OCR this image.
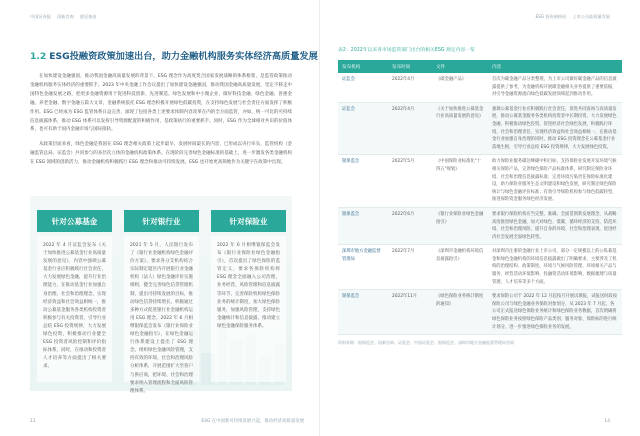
中国证券报 国新咨询 重见基金
1.2 ESG投融资政策加速出台，助力金融机构服务实体经济高质量发展

在加快建设金融强国，推动我国金融高质量发展的背景下，ESG 理念作为高度契合国家发展战略的体系框架，是监管政策推动金融机构服务实体经济的重要抓手。2023 年中央金融工作会议提出了加快建设金融强国，推动我国金融高质量发展，坚定不移走中国特色金融发展之路，把更多金融资源用于促进科技创新、先进制造、绿色发展和中小微企业，做好科技金融、绿色金融、普惠金融、养老金融、数字金融五篇大文章，金融系统依托 ESG 理念积极开展绿色低碳投资，在支持绿色发展与社会责任方面发挥了积极作用。ESG 已经成为 ESG 监管体系日益完善，涌现了包括各类上述要求体制内容改革在内的全方面监管，亦如，统一可比的可持续信息披露体系，推动 ESG 体系可以发挥引导资源配置的积极作用，是政策执行的重要抓手。同时，ESG 作为全球相对共识的价值体系，也可有助于国内金融市场与国际接轨。

从政策层面来看，绿色金融是我国在 ESG 理念相关政策上起步最早、发展时间最长的内容，已形成以央行牵头，监管机构（金融监管总局、证监会）共同参与的多层次立体的金融机构政策体系。在现阶段完善绿色金融标准的基础上，进一步激发各类金融机构在 ESG 领域的创新活力，推动金融机构积极践行 ESG 理念和推动可持续发展。ESG 也开始更高频地作为关键字在政策中出现。

针对公募基金
2022 年 4 月证监会发布《关于加快推进公募基金行业高质量发展的意见》，内容中强调公募基金行业应积极践行社会责任，大力发展绿色金融，提升行业治理能力，在推动基金行业加强自身治理、社会和治理理念，实现经济效益和社会效益相统一，推动公募基金服务各类机构投资者积极参与有关投资者，引导行业总结 ESG 投资规律，大力发展绿色投资，积极推动行业健全 ESG 投资者风险控制和评价指标体系，同时，在推动和投资者人才培养等方面提出了相关要求。
针对银行业
2021 年 5 月，人民银行发布了《银行业金融机构绿色金融评价方案》，要求各分支机构结合实际制定辖区内开展银行业金融机构（法人）绿色金融评价实施细则，健全完善绿色信贷管理机制，提出可持续发展的目标，推动绿色信贷持续增长，积极通过多种方式促进银行业金融机构运用 ESG 理念。2022 年 6 月相继银保监会发布《银行业保险业绿色金融指引》，在绿色金融运行体系建设上提出了 ESG 理念，组织绿色金融风险管理，支持有效的环境、社会和治理风险分析体系，开展范围扩大至客户与供应商，把环境、社会和治理要求纳入管理流程和全面风险管理体系。
针对保险业
2022 年 6 月相继银保监会发布《银行业保险业绿色金融指引》，首次提出了绿色保险的监管定义，要求各保险机构将 ESG 理念全面融入公司治理、业务经营、风险管理和信息披露等环节，完善保险机构绿色保险业务的统计制度，加大绿色保险服务，加强风险管理，支持绿色金融统计和信息披露，推动建立绿色金融保险服务体系。
13	ESG 在中国新可持续发展兴起，推动经济高质量发展
ESG 投资新格局 上市公司高质量发展
表2：2022年以来各市场监管部门出台的相关ESG 规定内容一览
发布机构	发布时间	文件	内容
证监会	2022年4月	《碳金融产品》	首次为碳金融产品分类整理，为上市公司做好碳金融产品的信息披露提供了参考，为金融机构开展碳金融相关业务提供了重要依据，对引导金融资源流向绿色低碳发展领域起到推动作用。
证监会	2022年4月	《关于加快推进公募基金行业高质量发展的意见》	强调公募基金行业应积极践行社会责任，促进共同富裕与高质量发展，推动公募基金服务各类机构投资者中长期投资，大力发展绿色金融，积极推动绿色投资，促进经济社会绿色发展，积极践行环境、社会和治理责任，实现经济效益和社会效益相统一，在推动基金行业加强自身治理的同时，推动 ESG 投资理念在公募基金行业落地生根，引导行业总结 ESG 投资规律，大力发展绿色投资。
银保监会	2022年5月	《中国保险业标准化"十四五"规划》	助力保险业服务碳达峰碳中和目标，支持保险业发展开发环境气候相关保险产品，完善绿色保险产品标准体系，研究制定保险业环境、社会和治理信息披露标准；完善环境污染责任保险标准化建设，助力保险业服务生态文明建设和绿色发展，研究制定绿色保险统计与绿色金融评价标准；有效引导保险机构参与绿色低碳转型，推进保险资金服务绿色经济发展。
银保监会	2022年6月	《银行业保险业绿色金融指引》	要求银行保险机构应当完整、准确、全面贯彻新发展理念，从战略高度推进绿色金融，加大对绿色、低碳、循环经济的支持，防范环境、社会和治理风险，提升自身的环境、社会和治理表现，促进经济社会发展全面绿色转型。
深圳市地方金融监督管理局	2022年7月	《深圳市金融机构环境信息披露指引》	对深圳市注册的金融行业上市公司、部分一定规模以上的公私募基金和绿色金融机构的环境信息披露做出了明确要求，主要涉及了机构的治理结构、政策制度、环境与气候风险管理、环境相关产品与服务、经营活动环境影响、投融资活动环境影响、数据梳理与质量管理、人才培养等多个方面。
银保监会	2022年11月	《绿色保险业务统计制度的通知》	要求保险公司于 2022 年 12 月起按月开展试填报，试报送时段按保险公司与绿色金融业务保险对象划分，从 2023 年 7 月起，各公司正式报送绿色保险业务统计和绿色保险业务数据，首次明确将绿色保险业务按照绿色保险产品类别、服务对象、保险标的进行统计划分，进一步推进绿色保险业务的发展。
资料来源：银保监会、国新咨询、证监会、中国证监会、银保监会、深圳市地方金融监督管理局官网
14
